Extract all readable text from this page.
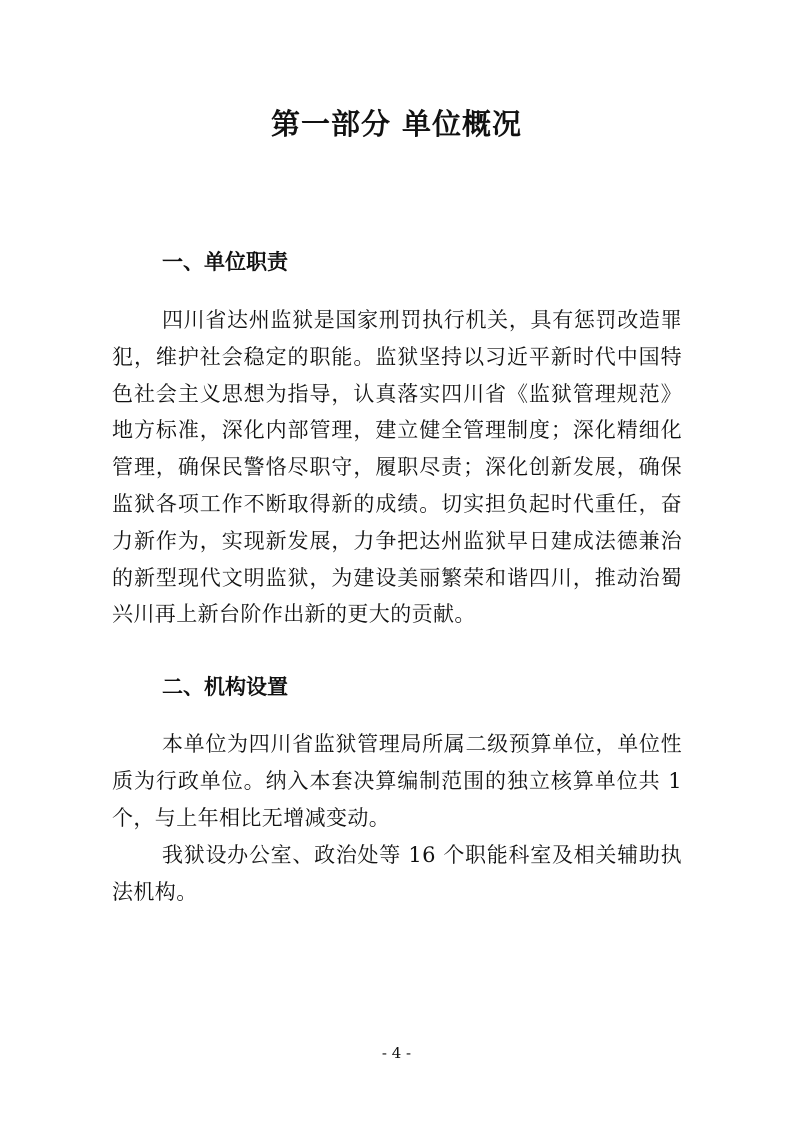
第一部分 单位概况
一、单位职责

四川省达州监狱是国家刑罚执行机关，具有惩罚改造罪犯，维护社会稳定的职能。监狱坚持以习近平新时代中国特色社会主义思想为指导，认真落实四川省《监狱管理规范》地方标准，深化内部管理，建立健全管理制度；深化精细化管理，确保民警恪尽职守，履职尽责；深化创新发展，确保监狱各项工作不断取得新的成绩。切实担负起时代重任，奋力新作为，实现新发展，力争把达州监狱早日建成法德兼治的新型现代文明监狱，为建设美丽繁荣和谐四川，推动治蜀兴川再上新台阶作出新的更大的贡献。

二、机构设置

本单位为四川省监狱管理局所属二级预算单位，单位性质为行政单位。纳入本套决算编制范围的独立核算单位共 1 个，与上年相比无增减变动。

我狱设办公室、政治处等 16 个职能科室及相关辅助执法机构。

- 4 -
